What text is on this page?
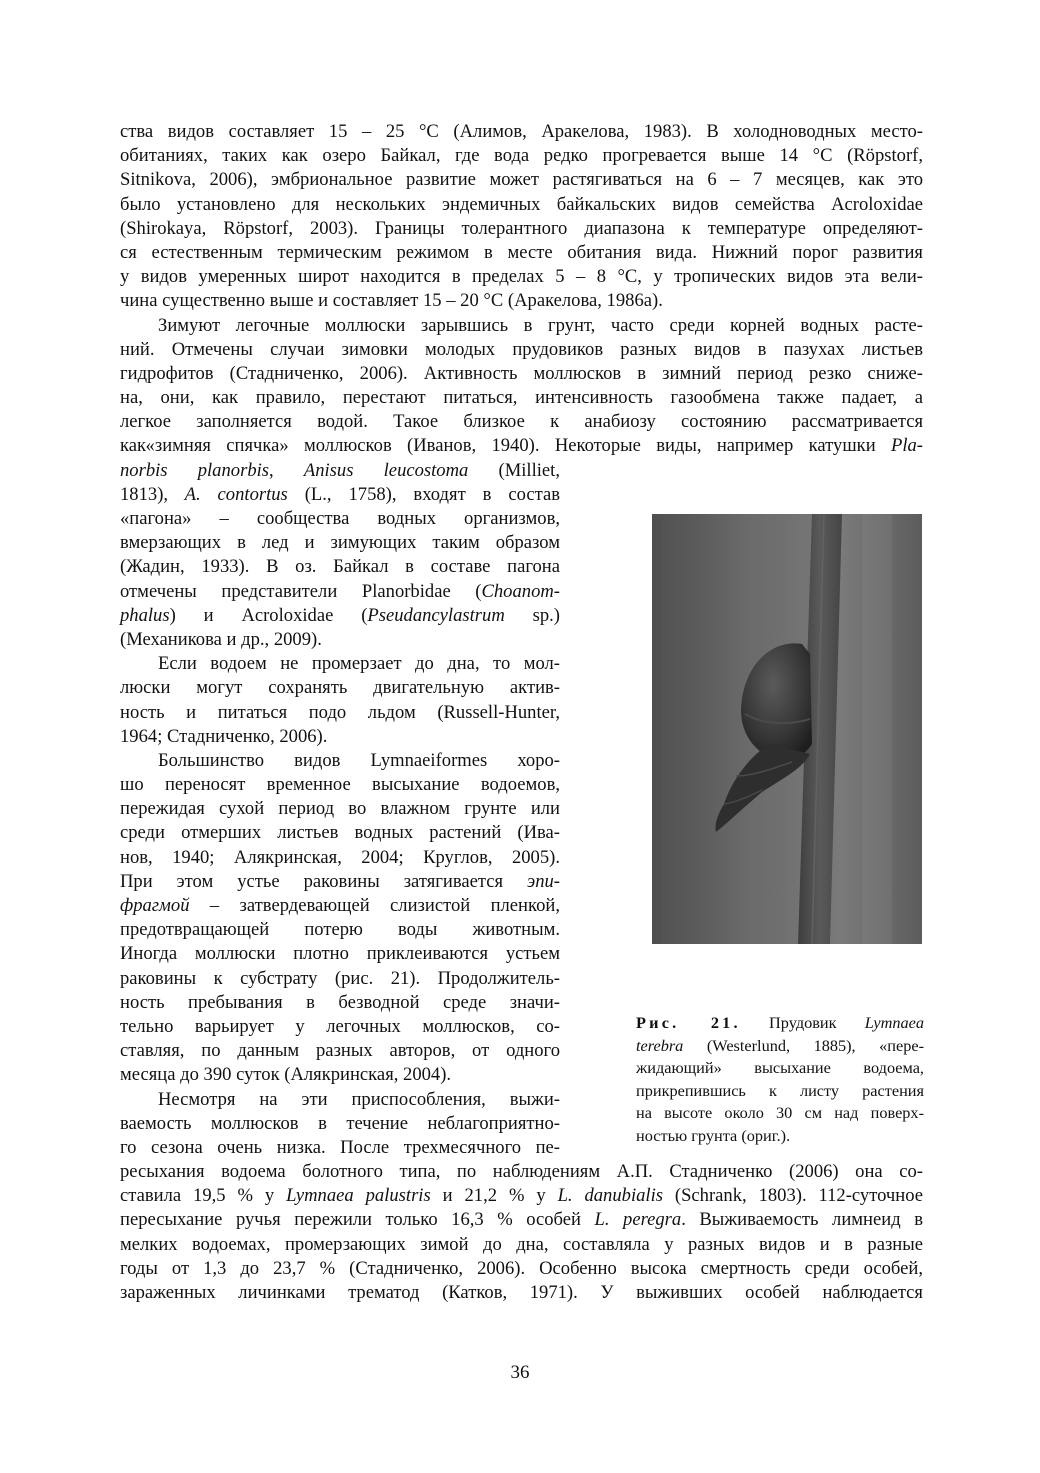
ства видов составляет 15 – 25 °C (Алимов, Аракелова, 1983). В холодноводных место-
обитаниях, таких как озеро Байкал, где вода редко прогревается выше 14 °C (Röpstorf,
Sitnikova, 2006), эмбриональное развитие может растягиваться на 6 – 7 месяцев, как это
было установлено для нескольких эндемичных байкальских видов семейства Acroloxidae
(Shirokaya, Röpstorf, 2003). Границы толерантного диапазона к температуре определяют-
ся естественным термическим режимом в месте обитания вида. Нижний порог развития
у видов умеренных широт находится в пределах 5 – 8 °C, у тропических видов эта вели-
чина существенно выше и составляет 15 – 20 °C (Аракелова, 1986а).
Зимуют легочные моллюски зарывшись в грунт, часто среди корней водных расте-
ний. Отмечены случаи зимовки молодых прудовиков разных видов в пазухах листьев
гидрофитов (Стадниченко, 2006). Активность моллюсков в зимний период резко снижe-
на, они, как правило, перестают питаться, интенсивность газообмена также падает, а
легкое заполняется водой. Такое близкое к анабиозу состоянию рассматривается
как«зимняя спячка» моллюсков (Иванов, 1940). Некоторые виды, например катушки Pla-
norbis planorbis, Anisus leucostoma (Milliet,
1813), A. contortus (L., 1758), входят в состав
«пагона» – сообщества водных организмов,
вмерзающих в лед и зимующих таким образом
(Жадин, 1933). В оз. Байкал в составе пагона
отмечены представители Planorbidae (Choanom-
phalus) и Acroloxidae (Pseudancylastrum sp.)
(Механикова и др., 2009).
Если водоем не промерзает до дна, то мол-
люски могут сохранять двигательную актив-
ность и питаться подо льдом (Russell-Hunter,
1964; Стадниченко, 2006).
Большинство видов Lymnaeiformes хоро-
шо переносят временное высыхание водоемов,
пережидая сухой период во влажном грунте или
среди отмерших листьев водных растений (Ива-
нов, 1940; Алякринская, 2004; Круглов, 2005).
При этом устье раковины затягивается эпи-
фрагмой – затвердевающей слизистой пленкой,
предотвращающей потерю воды животным.
Иногда моллюски плотно приклеиваются устьем
раковины к субстрату (рис. 21). Продолжитель-
ность пребывания в безводной среде значи-
тельно варьирует у легочных моллюсков, со-
ставляя, по данным разных авторов, от одного
месяца до 390 суток (Алякринская, 2004).
Несмотря на эти приспособления, выжи-
ваемость моллюсков в течение неблагоприятно-
го сезона очень низка. После трехмесячного пе-
ресыхания водоема болотного типа, по наблюдениям А.П. Стадниченко (2006) она со-
ставила 19,5 % у Lymnaea palustris и 21,2 % у L. danubialis (Schrank, 1803). 112-суточное
пересыхание ручья пережили только 16,3 % особей L. peregra. Выживаемость лимнеид в
мелких водоемах, промерзающих зимой до дна, составляла у разных видов и в разные
годы от 1,3 до 23,7 % (Стадниченко, 2006). Особенно высока смертность среди особей,
зараженных личинками трематод (Катков, 1971). У выживших особей наблюдается
Рис. 21. Прудовик Lymnaea
terebra (Westerlund, 1885), «пере-
жидающий» высыхание водоема,
прикрепившись к листу растения
на высоте около 30 см над поверх-
ностью грунта (ориг.).
36
